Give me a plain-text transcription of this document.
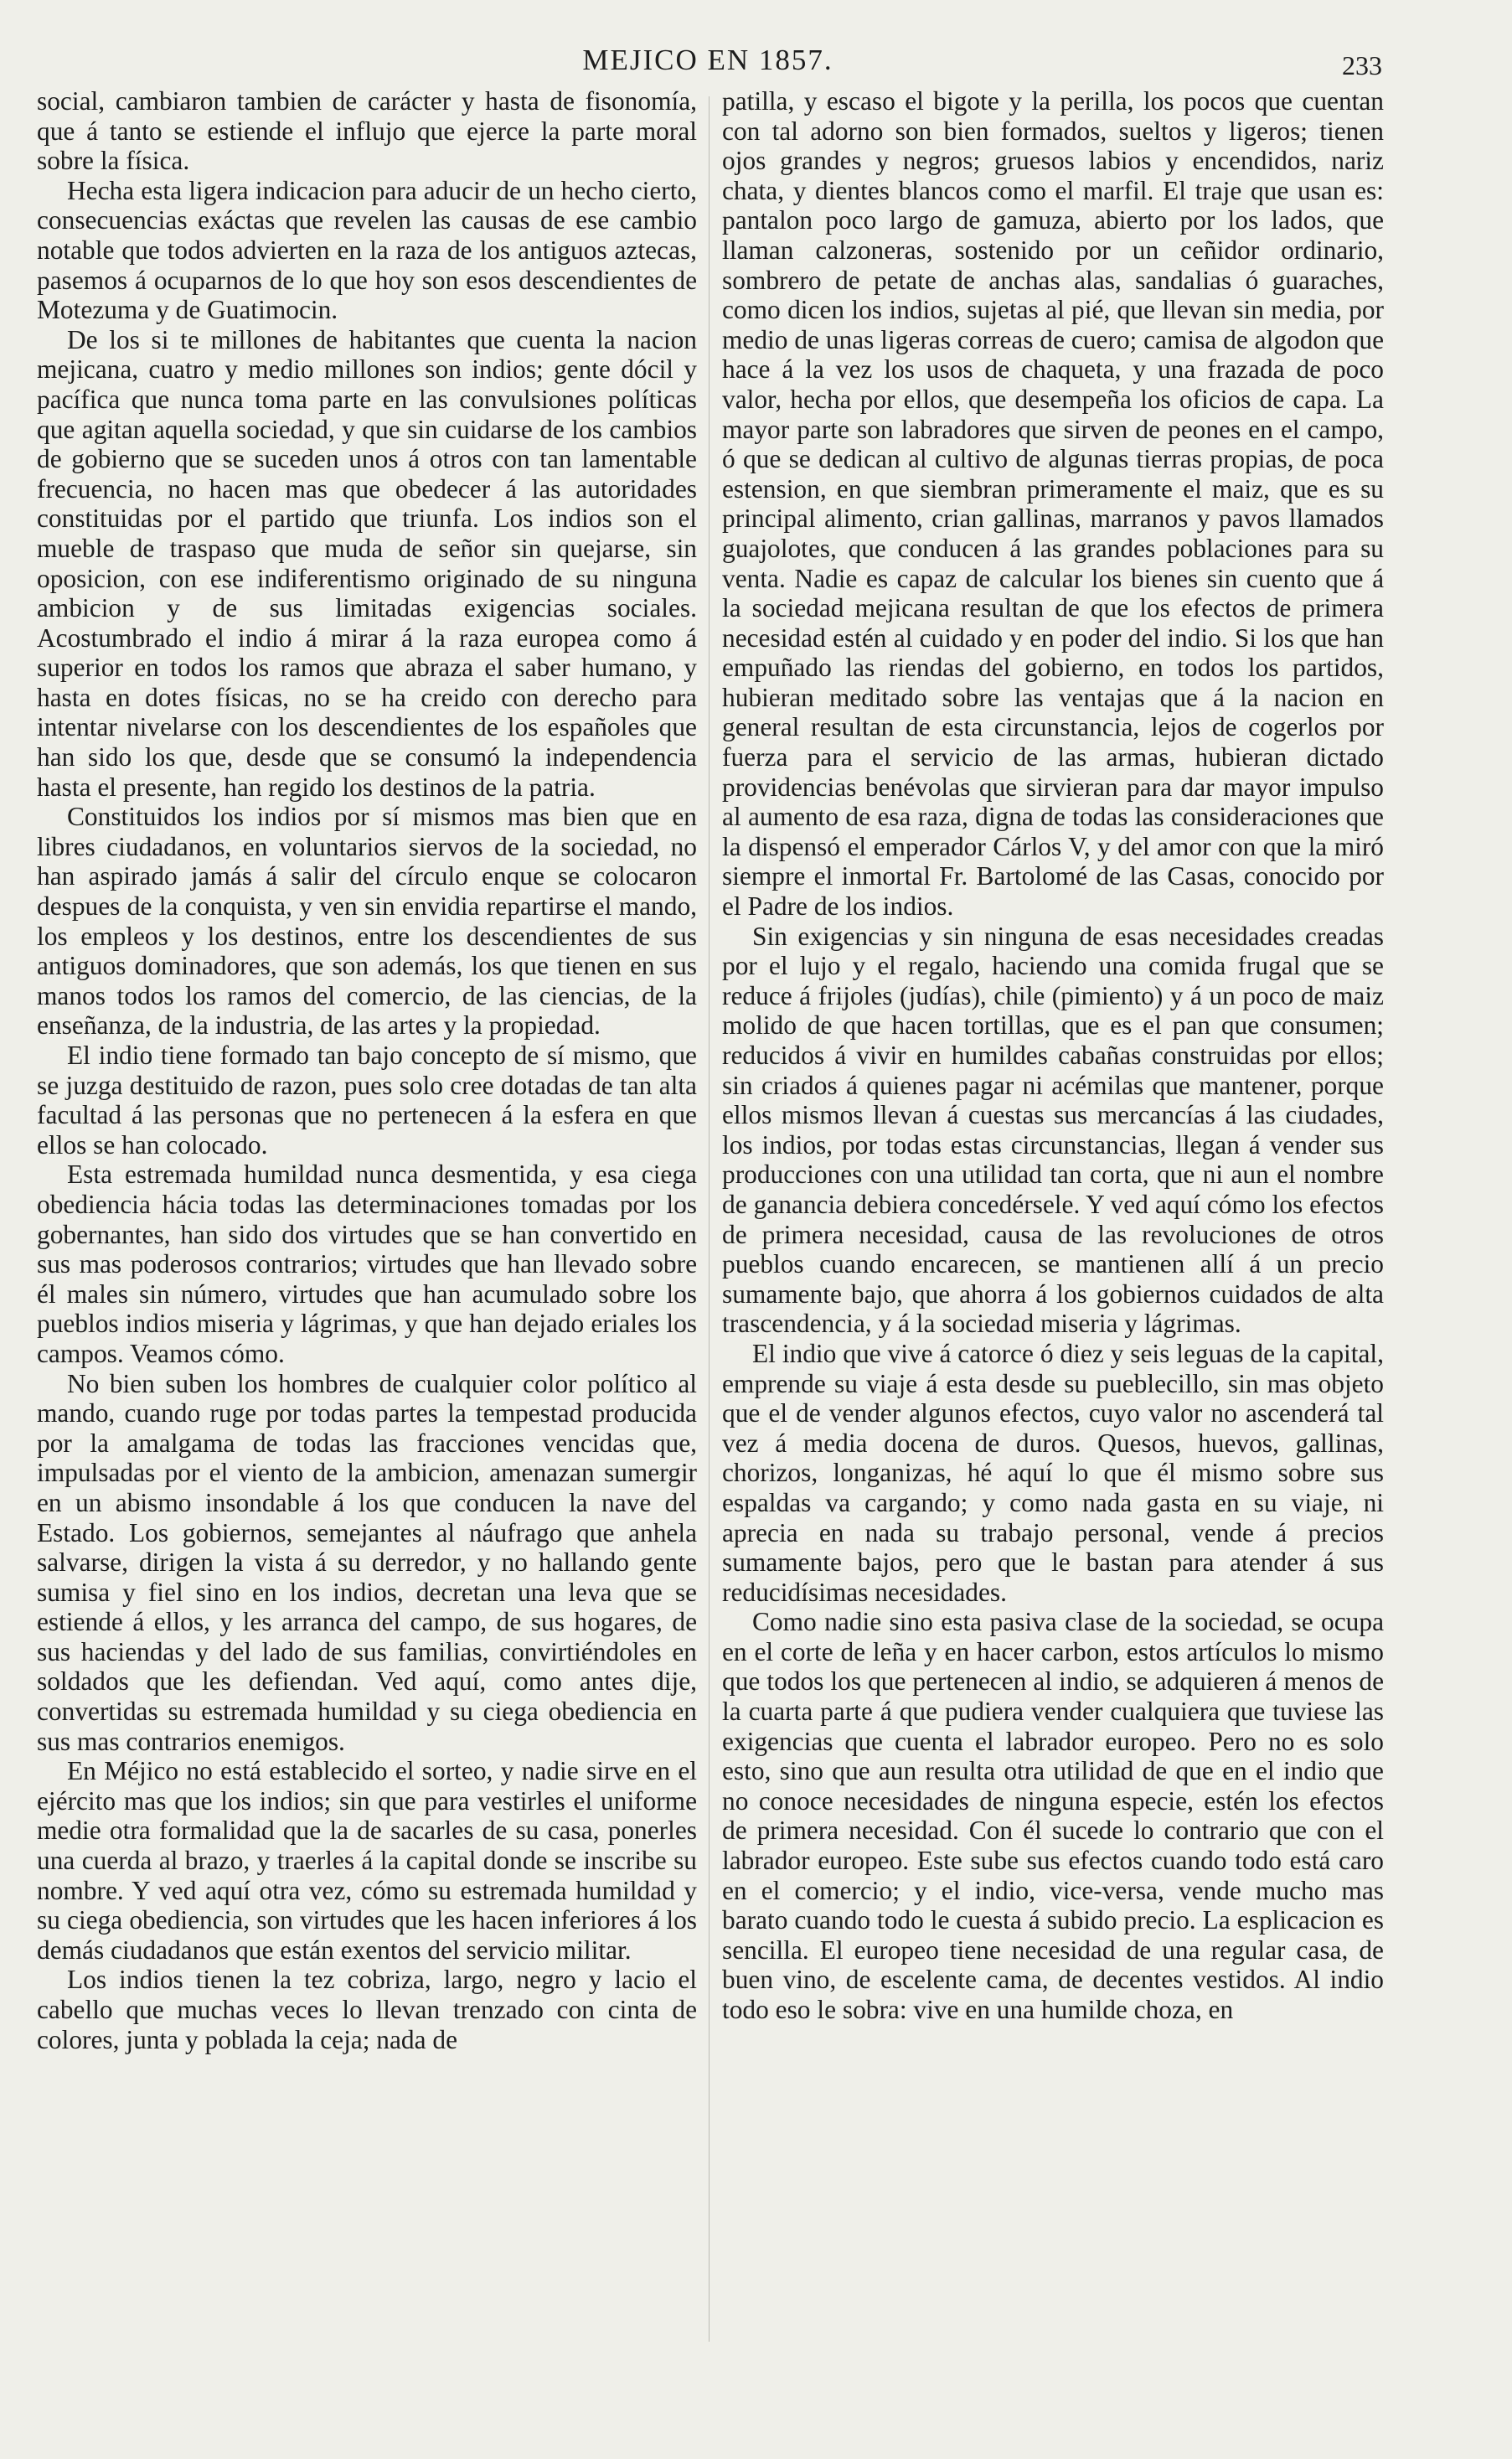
MEJICO EN 1857.	233

social, cambiaron tambien de carácter y hasta de fisonomía, que á tanto se estiende el influjo que ejerce la parte moral sobre la física.

Hecha esta ligera indicacion para aducir de un hecho cierto, consecuencias exáctas que revelen las causas de ese cambio notable que todos advierten en la raza de los antiguos aztecas, pasemos á ocuparnos de lo que hoy son esos descendientes de Motezuma y de Guatimocin.

De los si te millones de habitantes que cuenta la nacion mejicana, cuatro y medio millones son indios; gente dócil y pacífica que nunca toma parte en las convulsiones políticas que agitan aquella sociedad, y que sin cuidarse de los cambios de gobierno que se suceden unos á otros con tan lamentable frecuencia, no hacen mas que obedecer á las autoridades constituidas por el partido que triunfa. Los indios son el mueble de traspaso que muda de señor sin quejarse, sin oposicion, con ese indiferentismo originado de su ninguna ambicion y de sus limitadas exigencias sociales. Acostumbrado el indio á mirar á la raza europea como á superior en todos los ramos que abraza el saber humano, y hasta en dotes físicas, no se ha creido con derecho para intentar nivelarse con los descendientes de los españoles que han sido los que, desde que se consumó la independencia hasta el presente, han regido los destinos de la patria.

Constituidos los indios por sí mismos mas bien que en libres ciudadanos, en voluntarios siervos de la sociedad, no han aspirado jamás á salir del círculo enque se colocaron despues de la conquista, y ven sin envidia repartirse el mando, los empleos y los destinos, entre los descendientes de sus antiguos dominadores, que son además, los que tienen en sus manos todos los ramos del comercio, de las ciencias, de la enseñanza, de la industria, de las artes y la propiedad.

El indio tiene formado tan bajo concepto de sí mismo, que se juzga destituido de razon, pues solo cree dotadas de tan alta facultad á las personas que no pertenecen á la esfera en que ellos se han colocado.

Esta estremada humildad nunca desmentida, y esa ciega obediencia hácia todas las determinaciones tomadas por los gobernantes, han sido dos virtudes que se han convertido en sus mas poderosos contrarios; virtudes que han llevado sobre él males sin número, virtudes que han acumulado sobre los pueblos indios miseria y lágrimas, y que han dejado eriales los campos. Veamos cómo.

No bien suben los hombres de cualquier color político al mando, cuando ruge por todas partes la tempestad producida por la amalgama de todas las fracciones vencidas que, impulsadas por el viento de la ambicion, amenazan sumergir en un abismo insondable á los que conducen la nave del Estado. Los gobiernos, semejantes al náufrago que anhela salvarse, dirigen la vista á su derredor, y no hallando gente sumisa y fiel sino en los indios, decretan una leva que se estiende á ellos, y les arranca del campo, de sus hogares, de sus haciendas y del lado de sus familias, convirtiéndoles en soldados que les defiendan. Ved aquí, como antes dije, convertidas su estremada humildad y su ciega obediencia en sus mas contrarios enemigos.

En Méjico no está establecido el sorteo, y nadie sirve en el ejército mas que los indios; sin que para vestirles el uniforme medie otra formalidad que la de sacarles de su casa, ponerles una cuerda al brazo, y traerles á la capital donde se inscribe su nombre. Y ved aquí otra vez, cómo su estremada humildad y su ciega obediencia, son virtudes que les hacen inferiores á los demás ciudadanos que están exentos del servicio militar.

Los indios tienen la tez cobriza, largo, negro y lacio el cabello que muchas veces lo llevan trenzado con cinta de colores, junta y poblada la ceja; nada de

patilla, y escaso el bigote y la perilla, los pocos que cuentan con tal adorno son bien formados, sueltos y ligeros; tienen ojos grandes y negros; gruesos labios y encendidos, nariz chata, y dientes blancos como el marfil. El traje que usan es: pantalon poco largo de gamuza, abierto por los lados, que llaman calzoneras, sostenido por un ceñidor ordinario, sombrero de petate de anchas alas, sandalias ó guaraches, como dicen los indios, sujetas al pié, que llevan sin media, por medio de unas ligeras correas de cuero; camisa de algodon que hace á la vez los usos de chaqueta, y una frazada de poco valor, hecha por ellos, que desempeña los oficios de capa. La mayor parte son labradores que sirven de peones en el campo, ó que se dedican al cultivo de algunas tierras propias, de poca estension, en que siembran primeramente el maiz, que es su principal alimento, crian gallinas, marranos y pavos llamados guajolotes, que conducen á las grandes poblaciones para su venta. Nadie es capaz de calcular los bienes sin cuento que á la sociedad mejicana resultan de que los efectos de primera necesidad estén al cuidado y en poder del indio. Si los que han empuñado las riendas del gobierno, en todos los partidos, hubieran meditado sobre las ventajas que á la nacion en general resultan de esta circunstancia, lejos de cogerlos por fuerza para el servicio de las armas, hubieran dictado providencias benévolas que sirvieran para dar mayor impulso al aumento de esa raza, digna de todas las consideraciones que la dispensó el emperador Cárlos V, y del amor con que la miró siempre el inmortal Fr. Bartolomé de las Casas, conocido por el Padre de los indios.

Sin exigencias y sin ninguna de esas necesidades creadas por el lujo y el regalo, haciendo una comida frugal que se reduce á frijoles (judías), chile (pimiento) y á un poco de maiz molido de que hacen tortillas, que es el pan que consumen; reducidos á vivir en humildes cabañas construidas por ellos; sin criados á quienes pagar ni acémilas que mantener, porque ellos mismos llevan á cuestas sus mercancías á las ciudades, los indios, por todas estas circunstancias, llegan á vender sus producciones con una utilidad tan corta, que ni aun el nombre de ganancia debiera concedérsele. Y ved aquí cómo los efectos de primera necesidad, causa de las revoluciones de otros pueblos cuando encarecen, se mantienen allí á un precio sumamente bajo, que ahorra á los gobiernos cuidados de alta trascendencia, y á la sociedad miseria y lágrimas.

El indio que vive á catorce ó diez y seis leguas de la capital, emprende su viaje á esta desde su pueblecillo, sin mas objeto que el de vender algunos efectos, cuyo valor no ascenderá tal vez á media docena de duros. Quesos, huevos, gallinas, chorizos, longanizas, hé aquí lo que él mismo sobre sus espaldas va cargando; y como nada gasta en su viaje, ni aprecia en nada su trabajo personal, vende á precios sumamente bajos, pero que le bastan para atender á sus reducidísimas necesidades.

Como nadie sino esta pasiva clase de la sociedad, se ocupa en el corte de leña y en hacer carbon, estos artículos lo mismo que todos los que pertenecen al indio, se adquieren á menos de la cuarta parte á que pudiera vender cualquiera que tuviese las exigencias que cuenta el labrador europeo. Pero no es solo esto, sino que aun resulta otra utilidad de que en el indio que no conoce necesidades de ninguna especie, estén los efectos de primera necesidad. Con él sucede lo contrario que con el labrador europeo. Este sube sus efectos cuando todo está caro en el comercio; y el indio, vice-versa, vende mucho mas barato cuando todo le cuesta á subido precio. La esplicacion es sencilla. El europeo tiene necesidad de una regular casa, de buen vino, de escelente cama, de decentes vestidos. Al indio todo eso le sobra: vive en una humilde choza, en
